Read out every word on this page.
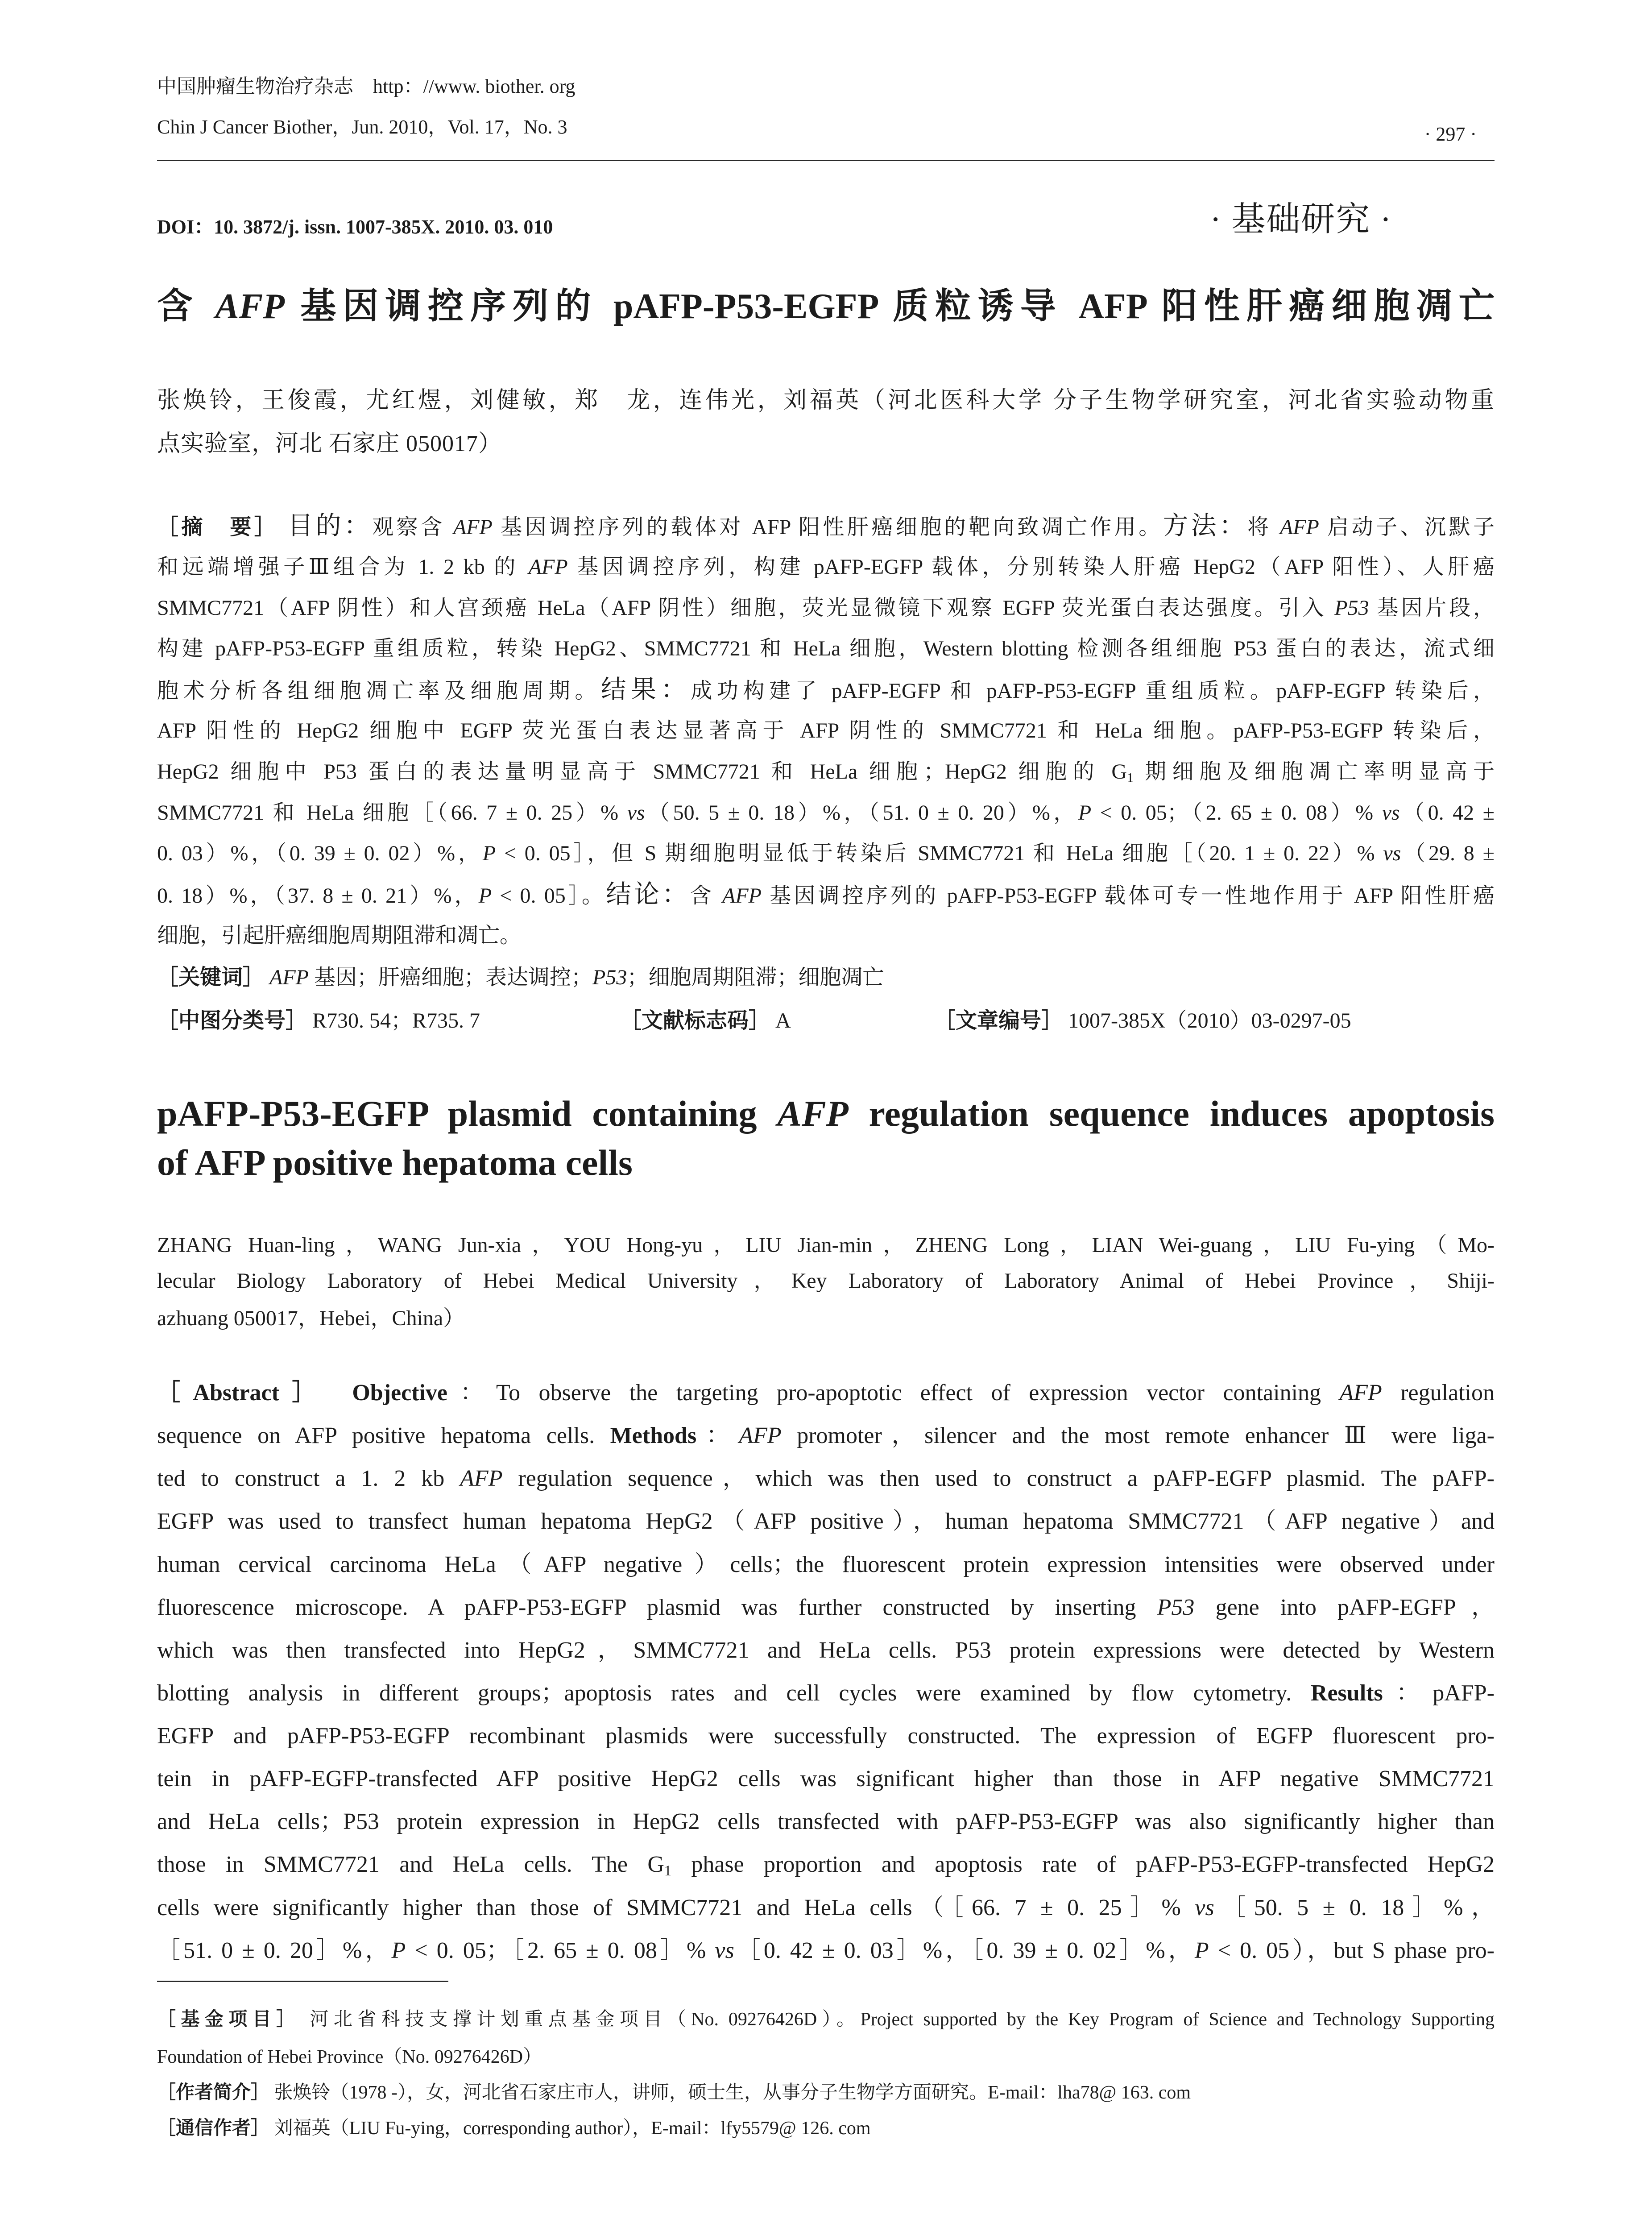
中国肿瘤生物治疗杂志 http：//www. biother. org
Chin J Cancer Biother，Jun. 2010，Vol. 17，No. 3	· 297 ·
DOI：10. 3872/j. issn. 1007-385X. 2010. 03. 010	· 基础研究 ·
含 AFP 基因调控序列的 pAFP-P53-EGFP 质粒诱导 AFP 阳性肝癌细胞凋亡
张焕铃，王俊霞，尤红煜，刘健敏，郑　龙，连伟光，刘福英（河北医科大学 分子生物学研究室，河北省实验动物重
点实验室，河北 石家庄 050017）
［摘　要］ 目的：观察含 AFP 基因调控序列的载体对 AFP 阳性肝癌细胞的靶向致凋亡作用。方法：将 AFP 启动子、沉默子
和远端增强子Ⅲ组合为 1. 2 kb 的 AFP 基因调控序列，构建 pAFP-EGFP 载体，分别转染人肝癌 HepG2（AFP 阳性）、人肝癌
SMMC7721（AFP 阴性）和人宫颈癌 HeLa（AFP 阴性）细胞，荧光显微镜下观察 EGFP 荧光蛋白表达强度。引入 P53 基因片段，
构建 pAFP-P53-EGFP 重组质粒，转染 HepG2、SMMC7721 和 HeLa 细胞，Western blotting 检测各组细胞 P53 蛋白的表达，流式细
胞术分析各组细胞凋亡率及细胞周期。结果：成功构建了 pAFP-EGFP 和 pAFP-P53-EGFP 重组质粒。pAFP-EGFP 转染后，
AFP 阳性的 HepG2 细胞中 EGFP 荧光蛋白表达显著高于 AFP 阴性的 SMMC7721 和 HeLa 细胞。pAFP-P53-EGFP 转染后，
HepG2 细胞中 P53 蛋白的表达量明显高于 SMMC7721 和 HeLa 细胞；HepG2 细胞的 G1 期细胞及细胞凋亡率明显高于
SMMC7721 和 HeLa 细胞［（66. 7 ± 0. 25）% vs（50. 5 ± 0. 18）%，（51. 0 ± 0. 20）%，P < 0. 05；（2. 65 ± 0. 08）% vs（0. 42 ±
0. 03）%，（0. 39 ± 0. 02）%，P < 0. 05］，但 S 期细胞明显低于转染后 SMMC7721 和 HeLa 细胞［（20. 1 ± 0. 22）% vs（29. 8 ±
0. 18）%，（37. 8 ± 0. 21）%，P < 0. 05］。结论：含 AFP 基因调控序列的 pAFP-P53-EGFP 载体可专一性地作用于 AFP 阳性肝癌
细胞，引起肝癌细胞周期阻滞和凋亡。
［关键词］ AFP 基因；肝癌细胞；表达调控；P53；细胞周期阻滞；细胞凋亡
［中图分类号］ R730. 54；R735. 7	［文献标志码］ A	［文章编号］ 1007-385X（2010）03-0297-05
pAFP-P53-EGFP plasmid containing AFP regulation sequence induces apoptosis
of AFP positive hepatoma cells
ZHANG Huan-ling，WANG Jun-xia，YOU Hong-yu，LIU Jian-min，ZHENG Long，LIAN Wei-guang，LIU Fu-ying（Mo-
lecular Biology Laboratory of Hebei Medical University，Key Laboratory of Laboratory Animal of Hebei Province，Shiji-
azhuang 050017，Hebei，China）
［Abstract］　Objective：To observe the targeting pro-apoptotic effect of expression vector containing AFP regulation
sequence on AFP positive hepatoma cells. Methods：AFP promoter，silencer and the most remote enhancer Ⅲ were liga-
ted to construct a 1. 2 kb AFP regulation sequence，which was then used to construct a pAFP-EGFP plasmid. The pAFP-
EGFP was used to transfect human hepatoma HepG2（AFP positive），human hepatoma SMMC7721（AFP negative）and
human cervical carcinoma HeLa（AFP negative）cells；the fluorescent protein expression intensities were observed under
fluorescence microscope. A pAFP-P53-EGFP plasmid was further constructed by inserting P53 gene into pAFP-EGFP，
which was then transfected into HepG2，SMMC7721 and HeLa cells. P53 protein expressions were detected by Western
blotting analysis in different groups；apoptosis rates and cell cycles were examined by flow cytometry. Results：pAFP-
EGFP and pAFP-P53-EGFP recombinant plasmids were successfully constructed. The expression of EGFP fluorescent pro-
tein in pAFP-EGFP-transfected AFP positive HepG2 cells was significant higher than those in AFP negative SMMC7721
and HeLa cells；P53 protein expression in HepG2 cells transfected with pAFP-P53-EGFP was also significantly higher than
those in SMMC7721 and HeLa cells. The G1 phase proportion and apoptosis rate of pAFP-P53-EGFP-transfected HepG2
cells were significantly higher than those of SMMC7721 and HeLa cells（［66. 7 ± 0. 25］% vs［50. 5 ± 0. 18］%，
［51. 0 ± 0. 20］%，P < 0. 05；［2. 65 ± 0. 08］% vs［0. 42 ± 0. 03］%，［0. 39 ± 0. 02］%，P < 0. 05），but S phase pro-
［基金项目］ 河北省科技支撑计划重点基金项目（No. 09276426D）。Project supported by the Key Program of Science and Technology Supporting
Foundation of Hebei Province（No. 09276426D）
［作者简介］ 张焕铃（1978 -），女，河北省石家庄市人，讲师，硕士生，从事分子生物学方面研究。E-mail：lha78@ 163. com
［通信作者］ 刘福英（LIU Fu-ying，corresponding author），E-mail：lfy5579@ 126. com
